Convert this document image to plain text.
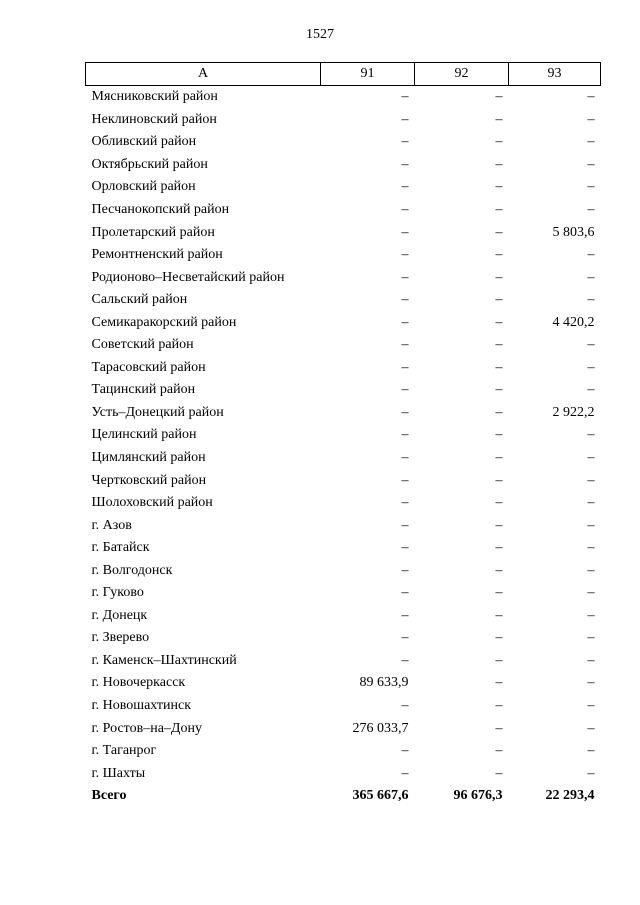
1527
А	91	92	93
Мясниковский район	–	–	–
Неклиновский район	–	–	–
Обливский район	–	–	–
Октябрьский район	–	–	–
Орловский район	–	–	–
Песчанокопский район	–	–	–
Пролетарский район	–	–	5 803,6
Ремонтненский район	–	–	–
Родионово–Несветайский район	–	–	–
Сальский район	–	–	–
Семикаракорский район	–	–	4 420,2
Советский район	–	–	–
Тарасовский район	–	–	–
Тацинский район	–	–	–
Усть–Донецкий район	–	–	2 922,2
Целинский район	–	–	–
Цимлянский район	–	–	–
Чертковский район	–	–	–
Шолоховский район	–	–	–
г. Азов	–	–	–
г. Батайск	–	–	–
г. Волгодонск	–	–	–
г. Гуково	–	–	–
г. Донецк	–	–	–
г. Зверево	–	–	–
г. Каменск–Шахтинский	–	–	–
г. Новочеркасск	89 633,9	–	–
г. Новошахтинск	–	–	–
г. Ростов–на–Дону	276 033,7	–	–
г. Таганрог	–	–	–
г. Шахты	–	–	–
Всего	365 667,6	96 676,3	22 293,4
